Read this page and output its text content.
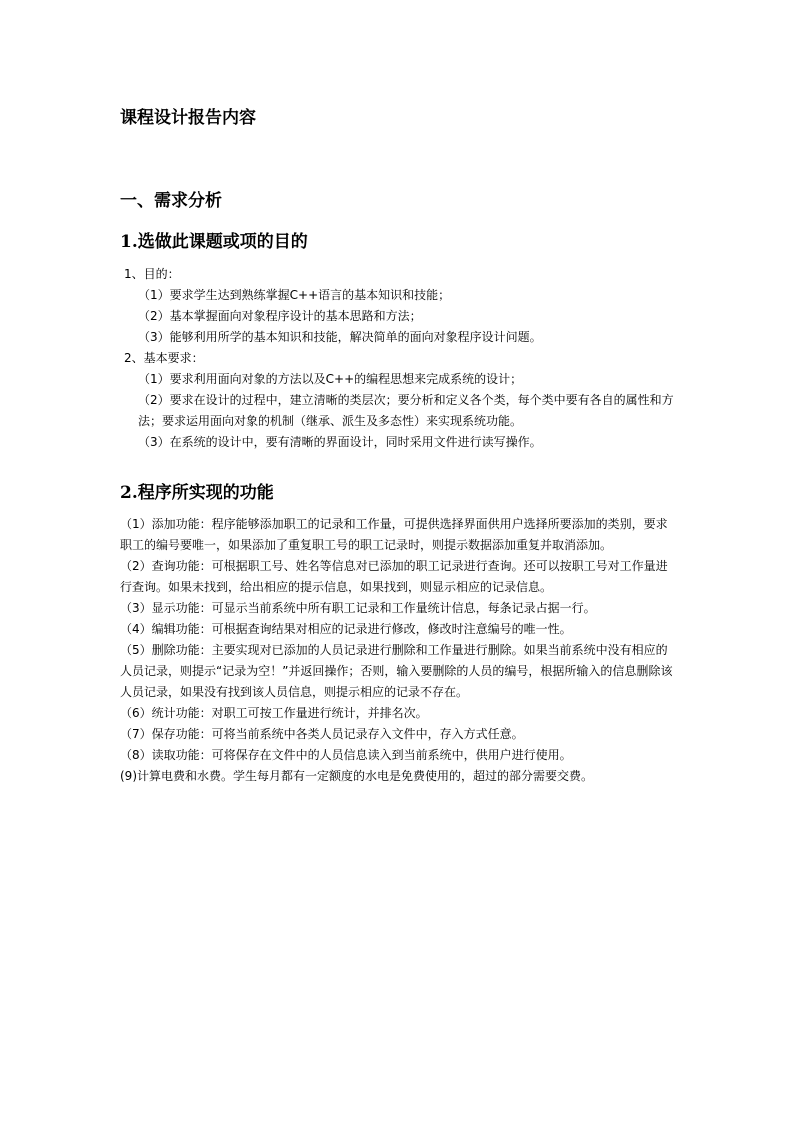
课程设计报告内容
一、需求分析
1.选做此课题或项的目的
1、目的：
（1）要求学生达到熟练掌握C++语言的基本知识和技能；
（2）基本掌握面向对象程序设计的基本思路和方法；
（3）能够利用所学的基本知识和技能，解决简单的面向对象程序设计问题。
2、基本要求：
（1）要求利用面向对象的方法以及C++的编程思想来完成系统的设计；
（2）要求在设计的过程中，建立清晰的类层次；要分析和定义各个类，每个类中要有各自的属性和方法；要求运用面向对象的机制（继承、派生及多态性）来实现系统功能。
（3）在系统的设计中，要有清晰的界面设计，同时采用文件进行读写操作。
2.程序所实现的功能
（1）添加功能：程序能够添加职工的记录和工作量，可提供选择界面供用户选择所要添加的类别，要求职工的编号要唯一，如果添加了重复职工号的职工记录时，则提示数据添加重复并取消添加。
（2）查询功能：可根据职工号、姓名等信息对已添加的职工记录进行查询。还可以按职工号对工作量进行查询。如果未找到，给出相应的提示信息，如果找到，则显示相应的记录信息。
（3）显示功能：可显示当前系统中所有职工记录和工作量统计信息，每条记录占据一行。
（4）编辑功能：可根据查询结果对相应的记录进行修改，修改时注意编号的唯一性。
（5）删除功能：主要实现对已添加的人员记录进行删除和工作量进行删除。如果当前系统中没有相应的人员记录，则提示“记录为空！”并返回操作；否则，输入要删除的人员的编号，根据所输入的信息删除该人员记录，如果没有找到该人员信息，则提示相应的记录不存在。
（6）统计功能：对职工可按工作量进行统计，并排名次。
（7）保存功能：可将当前系统中各类人员记录存入文件中，存入方式任意。
（8）读取功能：可将保存在文件中的人员信息读入到当前系统中，供用户进行使用。
(9)计算电费和水费。学生每月都有一定额度的水电是免费使用的，超过的部分需要交费。
